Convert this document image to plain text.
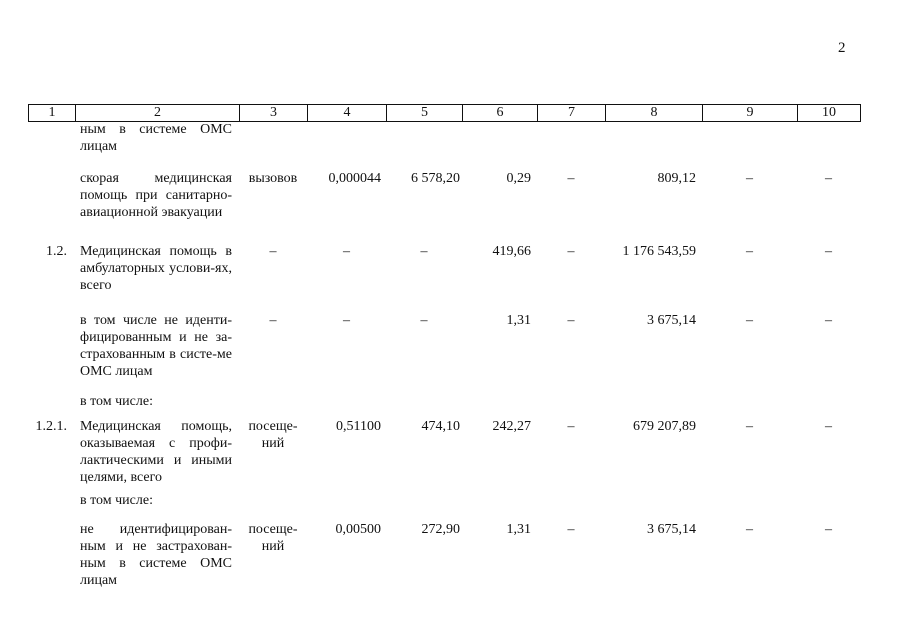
2
1	2	3	4	5	6	7	8	9	10
	ным в системе ОМС лицам								
	скорая медицинская помощь при санитарно-авиационной эвакуации	вызовов	0,000044	6 578,20	0,29	–	809,12	–	–
1.2.	Медицинская помощь в амбулаторных услови-ях, всего	–	–	–	419,66	–	1 176 543,59	–	–
	в том числе не иденти-фицированным и не за-страхованным в систе-ме ОМС лицам	–	–	–	1,31	–	3 675,14	–	–
	в том числе:								
1.2.1.	Медицинская помощь, оказываемая с профи-лактическими и иными целями, всего	посеще-ний	0,51100	474,10	242,27	–	679 207,89	–	–
	в том числе:								
	не идентифицирован-ным и не застрахован-ным в системе ОМС лицам	посеще-ний	0,00500	272,90	1,31	–	3 675,14	–	–
